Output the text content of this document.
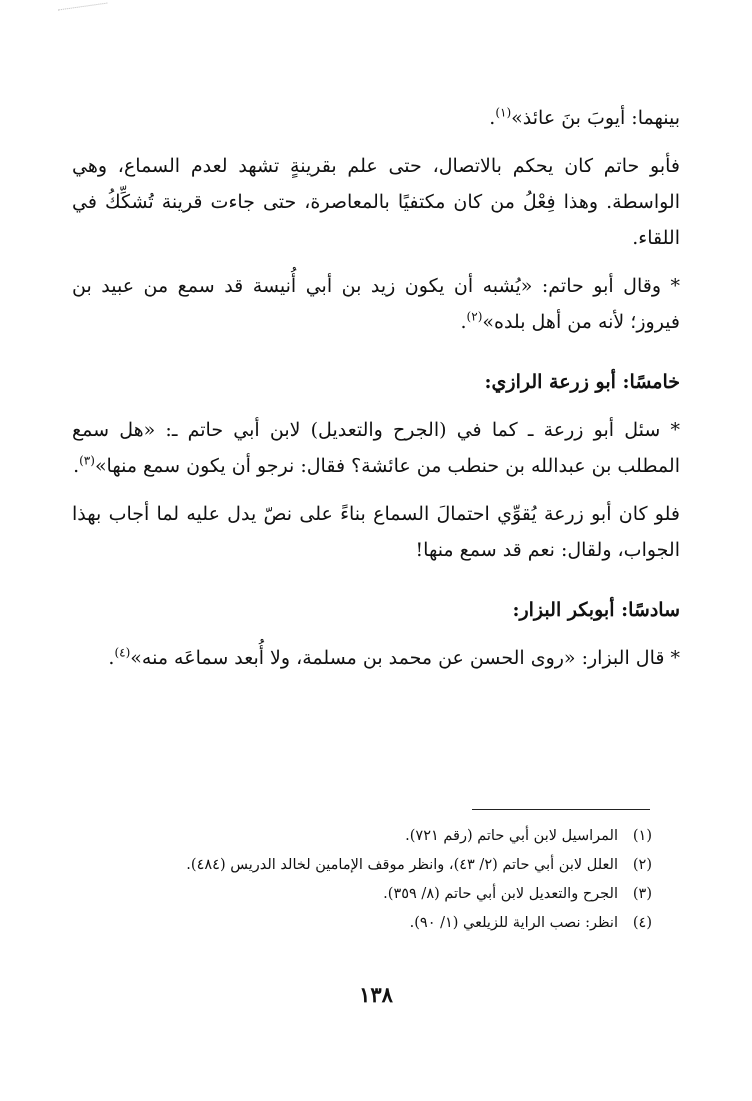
بينهما: أيوبَ بنَ عائذ»$^{(١)}$.

فأبو حاتم كان يحكم بالاتصال، حتى علم بقرينةٍ تشهد لعدم السماع، وهي الواسطة. وهذا فِعْلُ من كان مكتفيًا بالمعاصرة، حتى جاءت قرينة تُشكِّكُ في اللقاء.

* وقال أبو حاتم: «يُشبه أن يكون زيد بن أبي أُنيسة قد سمع من عبيد بن فيروز؛ لأنه من أهل بلده»$^{(٢)}$.

خامسًا: أبو زرعة الرازي:

* سئل أبو زرعة ـ كما في (الجرح والتعديل) لابن أبي حاتم ـ: «هل سمع المطلب بن عبدالله بن حنطب من عائشة؟ فقال: نرجو أن يكون سمع منها»$^{(٣)}$.

فلو كان أبو زرعة يُقوِّي احتمالَ السماع بناءً على نصّ يدل عليه لما أجاب بهذا الجواب، ولقال: نعم قد سمع منها!

سادسًا: أبوبكر البزار:

* قال البزار: «روى الحسن عن محمد بن مسلمة، ولا أُبعد سماعَه منه»$^{(٤)}$.

(١)
المراسيل لابن أبي حاتم (رقم ٧٢١).
(٢)
العلل لابن أبي حاتم (٢/ ٤٣)، وانظر موقف الإمامين لخالد الدريس (٤٨٤).
(٣)
الجرح والتعديل لابن أبي حاتم (٨/ ٣٥٩).
(٤)
انظر: نصب الراية للزيلعي (١/ ٩٠).
١٣٨
